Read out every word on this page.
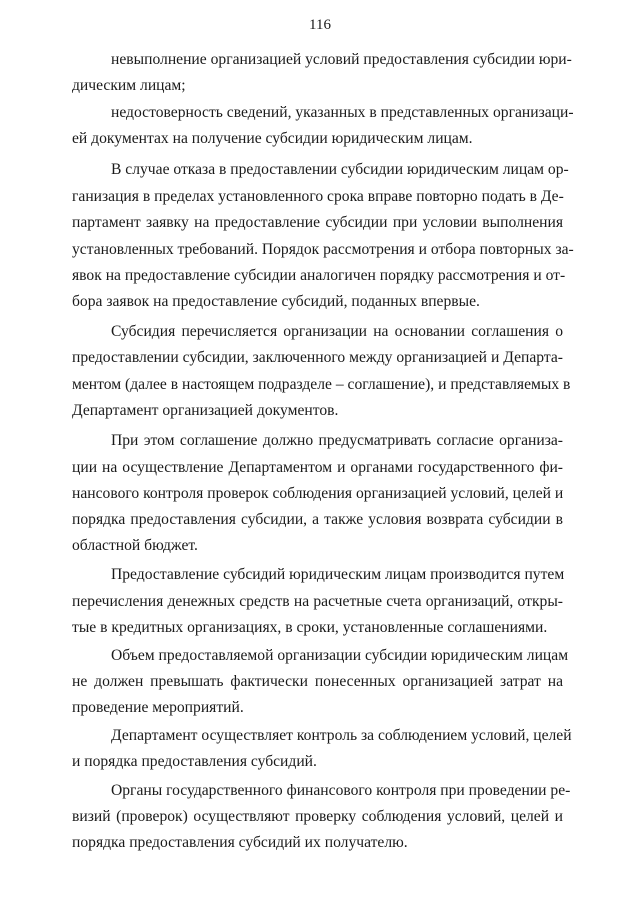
116
невыполнение организацией условий предоставления субсидии юри-
дическим лицам;
недостоверность сведений, указанных в представленных организаци-
ей документах на получение субсидии юридическим лицам.
В случае отказа в предоставлении субсидии юридическим лицам ор-
ганизация в пределах установленного срока вправе повторно подать в Де-
партамент заявку на предоставление субсидии при условии выполнения
установленных требований. Порядок рассмотрения и отбора повторных за-
явок на предоставление субсидии аналогичен порядку рассмотрения и от-
бора заявок на предоставление субсидий, поданных впервые.
Субсидия перечисляется организации на основании соглашения о
предоставлении субсидии, заключенного между организацией и Департа-
ментом (далее в настоящем подразделе – соглашение), и представляемых в
Департамент организацией документов.
При этом соглашение должно предусматривать согласие организа-
ции на осуществление Департаментом и органами государственного фи-
нансового контроля проверок соблюдения организацией условий, целей и
порядка предоставления субсидии, а также условия возврата субсидии в
областной бюджет.
Предоставление субсидий юридическим лицам производится путем
перечисления денежных средств на расчетные счета организаций, откры-
тые в кредитных организациях, в сроки, установленные соглашениями.
Объем предоставляемой организации субсидии юридическим лицам
не должен превышать фактически понесенных организацией затрат на
проведение мероприятий.
Департамент осуществляет контроль за соблюдением условий, целей
и порядка предоставления субсидий.
Органы государственного финансового контроля при проведении ре-
визий (проверок) осуществляют проверку соблюдения условий, целей и
порядка предоставления субсидий их получателю.
